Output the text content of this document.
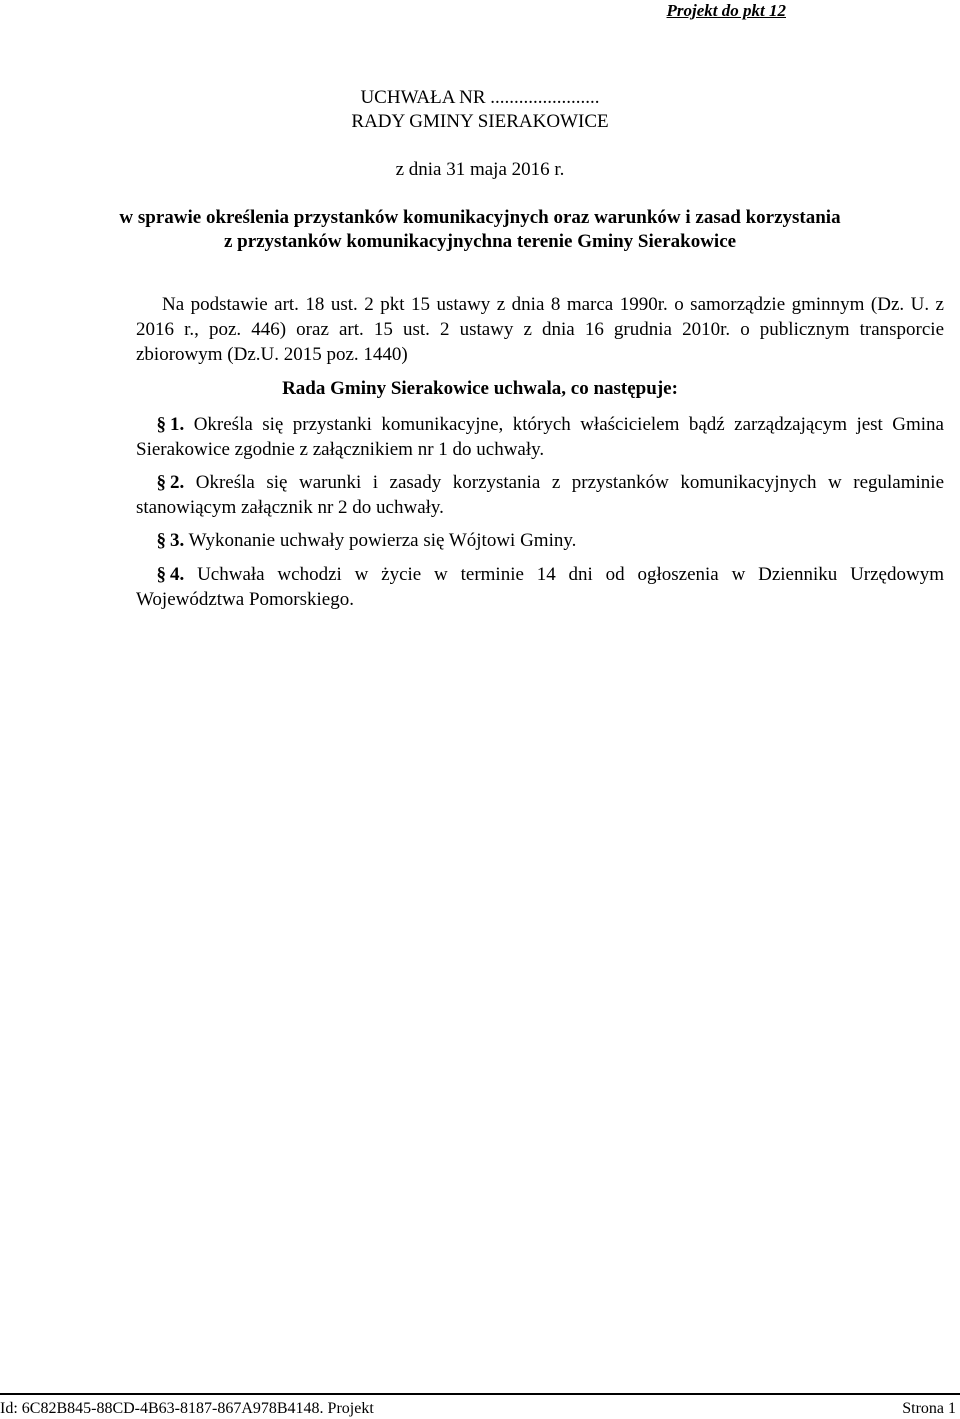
Projekt do pkt 12
UCHWAŁA NR .......................
RADY GMINY SIERAKOWICE
z dnia 31 maja 2016 r.
w sprawie określenia przystanków komunikacyjnych oraz warunków i zasad korzystania
z przystanków komunikacyjnychna terenie Gminy Sierakowice
Na podstawie art. 18 ust. 2 pkt 15 ustawy z dnia 8 marca 1990r. o samorządzie gminnym (Dz. U. z 2016 r., poz. 446) oraz art. 15 ust. 2 ustawy z dnia 16 grudnia 2010r. o publicznym transporcie zbiorowym (Dz.U. 2015 poz. 1440)
Rada Gminy Sierakowice uchwala, co następuje:
§ 1. Określa się przystanki komunikacyjne, których właścicielem bądź zarządzającym jest Gmina Sierakowice zgodnie z załącznikiem nr 1 do uchwały.
§ 2. Określa się warunki i zasady korzystania z przystanków komunikacyjnych w regulaminie stanowiącym załącznik nr 2 do uchwały.
§ 3. Wykonanie uchwały powierza się Wójtowi Gminy.
§ 4. Uchwała wchodzi w życie w terminie 14 dni od ogłoszenia w Dzienniku Urzędowym Województwa Pomorskiego.
Id: 6C82B845-88CD-4B63-8187-867A978B4148. Projekt	Strona 1
